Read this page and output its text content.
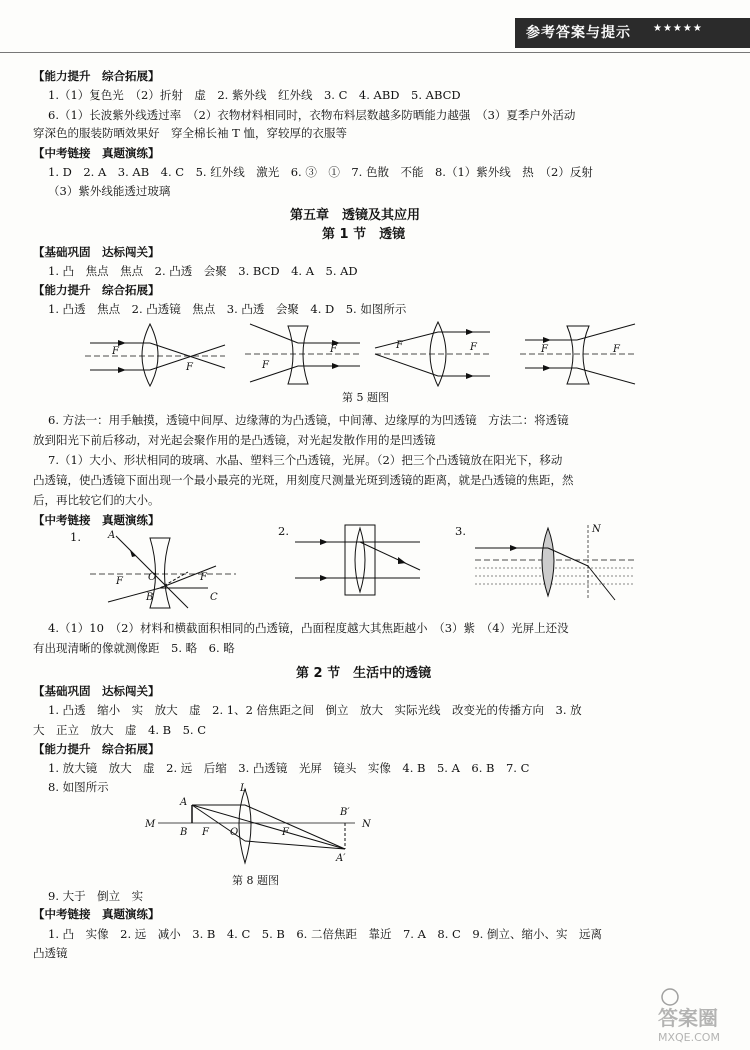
参考答案与提示 ★★★★★
【能力提升　综合拓展】
1.（1）复色光　（2）折射　虚　2. 紫外线　红外线　3. C　4. ABD　5. ABCD
6.（1）长波紫外线透过率　（2）衣物材料相同时，衣物布料层数越多防晒能力越强　（3）夏季户外活动
穿深色的服装防晒效果好　穿全棉长袖 T 恤，穿较厚的衣服等
【中考链接　真题演练】
1. D　2. A　3. AB　4. C　5. 红外线　激光　6. ③　①　7. 色散　不能　8.（1）紫外线　热　（2）反射
（3）紫外线能透过玻璃
第五章　透镜及其应用
第 1 节　透镜
【基础巩固　达标闯关】
1. 凸　焦点　焦点　2. 凸透　会聚　3. BCD　4. A　5. AD
【能力提升　综合拓展】
1. 凸透　焦点　2. 凸透镜　焦点　3. 凸透　会聚　4. D　5. 如图所示
F
F	F
F	F	F	F	F
第 5 题图
6. 方法一：用手触摸，透镜中间厚、边缘薄的为凸透镜，中间薄、边缘厚的为凹透镜　方法二：将透镜
放到阳光下前后移动，对光起会聚作用的是凸透镜，对光起发散作用的是凹透镜
7.（1）大小、形状相同的玻璃、水晶、塑料三个凸透镜，光屏。（2）把三个凸透镜放在阳光下，移动
凸透镜，使凸透镜下面出现一个最小最亮的光斑，用刻度尺测量光斑到透镜的距离，就是凸透镜的焦距，然
后，再比较它们的大小。
【中考链接　真题演练】
1.	A
F	O	F
B	C
2.	3.	N
4.（1）10　（2）材料和横截面积相同的凸透镜，凸面程度越大其焦距越小　（3）紫　（4）光屏上还没
有出现清晰的像就测像距　5. 略　6. 略
第 2 节　生活中的透镜
【基础巩固　达标闯关】
1. 凸透　缩小　实　放大　虚　2. 1、2 倍焦距之间　倒立　放大　实际光线　改变光的传播方向　3. 放
大　正立　放大　虚　4. B　5. C
【能力提升　综合拓展】
1. 放大镜　放大　虚　2. 远　后缩　3. 凸透镜　光屏　镜头　实像　4. B　5. A　6. B　7. C
8. 如图所示
A
B
M	N
L
F O	F
B′
A′
第 8 题图
9. 大于　倒立　实
【中考链接　真题演练】
1. 凸　实像　2. 远　减小　3. B　4. C　5. B　6. 二倍焦距　靠近　7. A　8. C　9. 倒立、缩小、实　远离
凸透镜
答案圈
MXQE.COM
